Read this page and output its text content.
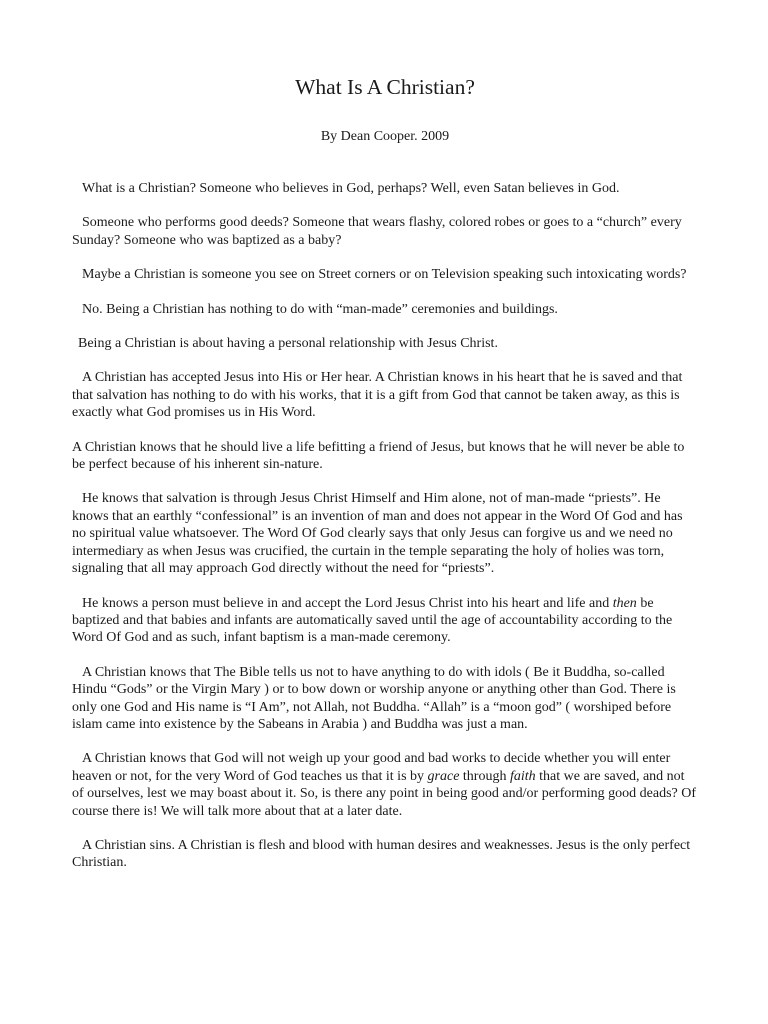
What Is A Christian?

By Dean Cooper. 2009

What is a Christian? Someone who believes in God, perhaps? Well, even Satan believes in God.

Someone who performs good deeds? Someone that wears flashy, colored robes or goes to a “church” every Sunday? Someone who was baptized as a baby?

Maybe a Christian is someone you see on Street corners or on Television speaking such intoxicating words?

No. Being a Christian has nothing to do with “man-made” ceremonies and buildings.

Being a Christian is about having a personal relationship with Jesus Christ.

A Christian has accepted Jesus into His or Her hear. A Christian knows in his heart that he is saved and that that salvation has nothing to do with his works, that it is a gift from God that cannot be taken away, as this is exactly what God promises us in His Word.

A Christian knows that he should live a life befitting a friend of Jesus, but knows that he will never be able to be perfect because of his inherent sin-nature.

He knows that salvation is through Jesus Christ Himself and Him alone, not of man-made “priests”. He knows that an earthly “confessional” is an invention of man and does not appear in the Word Of God and has no spiritual value whatsoever. The Word Of God clearly says that only Jesus can forgive us and we need no intermediary as when Jesus was crucified, the curtain in the temple separating the holy of holies was torn, signaling that all may approach God directly without the need for “priests”.

He knows a person must believe in and accept the Lord Jesus Christ into his heart and life and then be baptized and that babies and infants are automatically saved until the age of accountability according to the Word Of God and as such, infant baptism is a man-made ceremony.

A Christian knows that The Bible tells us not to have anything to do with idols ( Be it Buddha, so-called Hindu “Gods” or the Virgin Mary ) or to bow down or worship anyone or anything other than God. There is only one God and His name is “I Am”, not Allah, not Buddha. “Allah” is a “moon god” ( worshiped before islam came into existence by the Sabeans in Arabia ) and Buddha was just a man.

A Christian knows that God will not weigh up your good and bad works to decide whether you will enter heaven or not, for the very Word of God teaches us that it is by grace through faith that we are saved, and not of ourselves, lest we may boast about it. So, is there any point in being good and/or performing good deads? Of course there is! We will talk more about that at a later date.

A Christian sins. A Christian is flesh and blood with human desires and weaknesses. Jesus is the only perfect Christian.
